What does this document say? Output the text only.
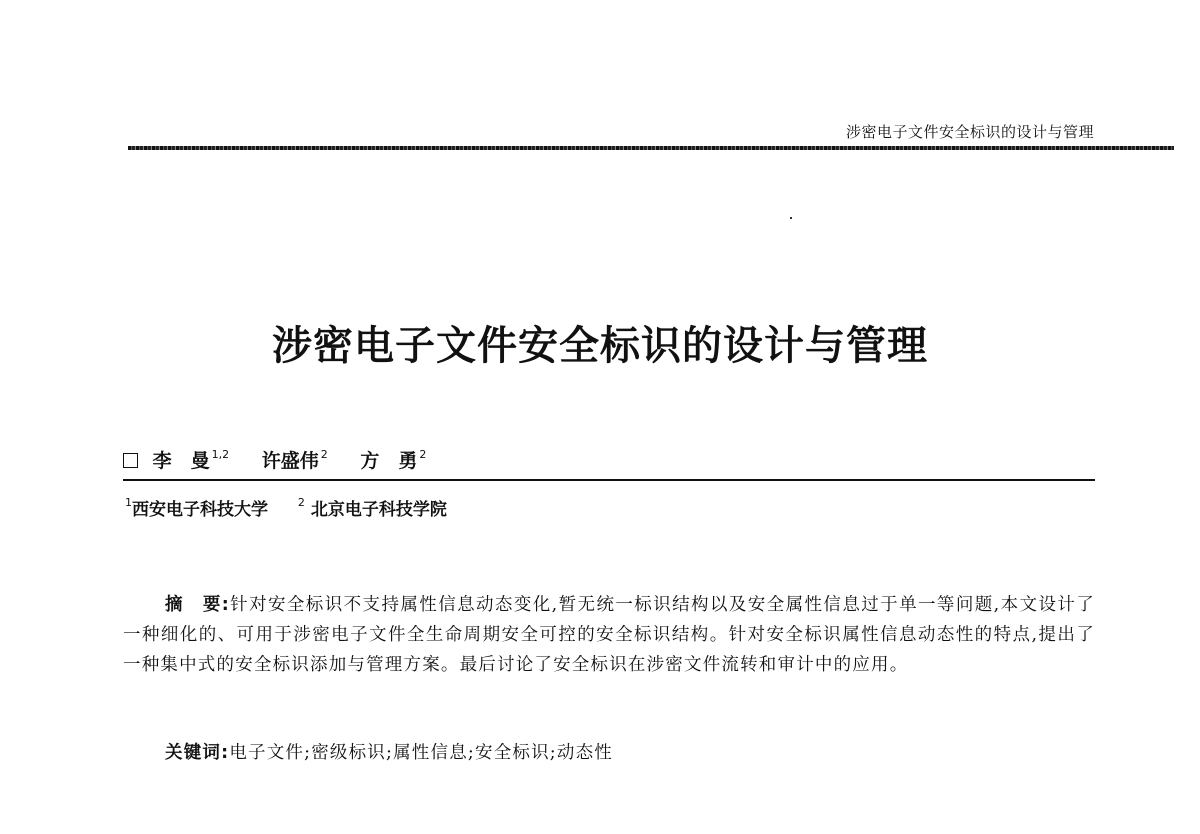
涉密电子文件安全标识的设计与管理
涉密电子文件安全标识的设计与管理
李　曼 $^{1,2}$ 许盛伟 $^2$ 方　勇 $^2$
$^1$西安电子科技大学	$^2$ 北京电子科技学院
摘　要:针对安全标识不支持属性信息动态变化,暂无统一标识结构以及安全属性信息过于单一等问题,本文设计了一种细化的、可用于涉密电子文件全生命周期安全可控的安全标识结构。针对安全标识属性信息动态性的特点,提出了一种集中式的安全标识添加与管理方案。最后讨论了安全标识在涉密文件流转和审计中的应用。
关键词:电子文件;密级标识;属性信息;安全标识;动态性
